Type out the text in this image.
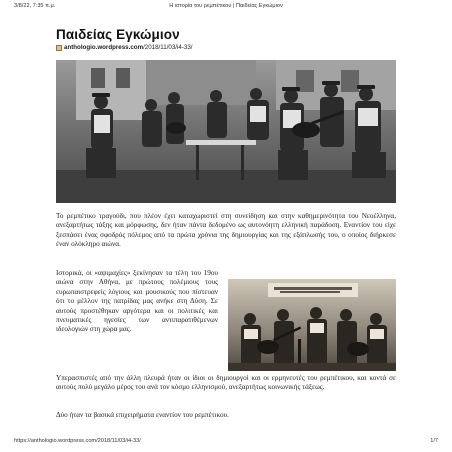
3/8/22, 7:35 π.μ.	Η ιστορία του ρεμπέτικου | Παιδείας Εγκώμιον
Παιδείας Εγκώμιον
anthologio.wordpress.com/2018/11/03/i4-33/

Το ρεμπέτικο τραγούδι, που πλέον έχει καταχωριστεί στη συνείδηση και στην καθημερινότητα του Νεοέλληνα, ανεξαρτήτως τάξης και μόρφωσης, δεν ήταν πάντα δεδομένο ως αυτονόητη ελληνική παράδοση. Εναντίον του είχε ξεσπάσει ένας σφοδρός πόλεμος από τα πρώτα χρόνια της δημιουργίας και της εξάπλωσής του, ο οποίος διήρκεσε έναν ολόκληρο αιώνα.

Ιστορικά, οι «αψιμαχίες» ξεκίνησαν τα τέλη του 19ου αιώνα στην Αθήνα, με πρώτους πολέμιους τους ευρωπαιστρεφείς λόγιους και μουσικούς που πίστευαν ότι το μέλλον της πατρίδας μας ανήκε στη Δύση. Σε αυτούς προστέθηκαν αργότερα και οι πολιτικές και πνευματικές ηγεσίες των αντιπαρατιθέμενων ιδεολογιών στη χώρα μας.

Υπερασπιστές από την άλλη πλευρά ήταν οι ίδιοι οι δημιουργοί και οι ερμηνευτές του ρεμπέτικου, και κοντά σε αυτούς πολύ μεγάλο μέρος του ανά τον κόσμο ελληνισμού, ανεξαρτήτως κοινωνικής τάξεως.

Δύο ήταν τα βασικά επιχειρήματα εναντίον του ρεμπέτικου.

https://anthologio.wordpress.com/2018/11/03/i4-33/	1/7
